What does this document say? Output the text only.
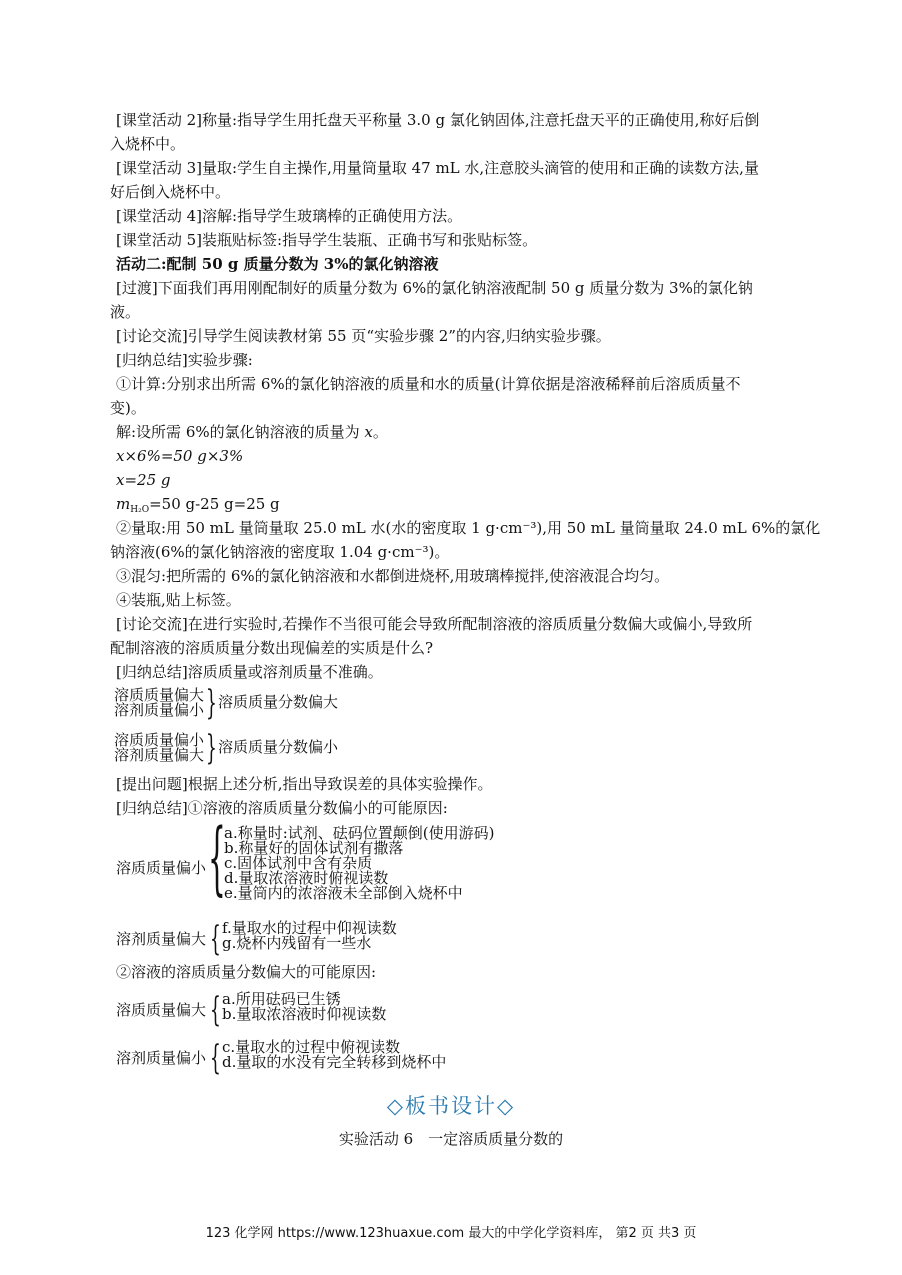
[课堂活动 2]称量:指导学生用托盘天平称量 3.0 g 氯化钠固体,注意托盘天平的正确使用,称好后倒
入烧杯中。
[课堂活动 3]量取:学生自主操作,用量筒量取 47 mL 水,注意胶头滴管的使用和正确的读数方法,量
好后倒入烧杯中。
[课堂活动 4]溶解:指导学生玻璃棒的正确使用方法。
[课堂活动 5]装瓶贴标签:指导学生装瓶、正确书写和张贴标签。
活动二:配制 50 g 质量分数为 3%的氯化钠溶液
[过渡]下面我们再用刚配制好的质量分数为 6%的氯化钠溶液配制 50 g 质量分数为 3%的氯化钠
液。
[讨论交流]引导学生阅读教材第 55 页“实验步骤 2”的内容,归纳实验步骤。
[归纳总结]实验步骤:
①计算:分别求出所需 6%的氯化钠溶液的质量和水的质量(计算依据是溶液稀释前后溶质质量不
变)。
解:设所需 6%的氯化钠溶液的质量为 x。
x×6%=50 g×3%
x=25 g
$m_{H_2O}=50$ g-25 g=25 g
②量取:用 50 mL 量筒量取 25.0 mL 水(水的密度取 1 g·cm⁻³),用 50 mL 量筒量取 24.0 mL 6%的氯化
钠溶液(6%的氯化钠溶液的密度取 1.04 g·cm⁻³)。
③混匀:把所需的 6%的氯化钠溶液和水都倒进烧杯,用玻璃棒搅拌,使溶液混合均匀。
④装瓶,贴上标签。
[讨论交流]在进行实验时,若操作不当很可能会导致所配制溶液的溶质质量分数偏大或偏小,导致所
配制溶液的溶质质量分数出现偏差的实质是什么?
[归纳总结]溶质质量或溶剂质量不准确。
溶质质量偏大
溶剂质量偏小 } 溶质质量分数偏大
溶质质量偏小
溶剂质量偏大 } 溶质质量分数偏小
[提出问题]根据上述分析,指出导致误差的具体实验操作。
[归纳总结]①溶液的溶质质量分数偏小的可能原因:
溶质质量偏小 {
a.称量时:试剂、砝码位置颠倒(使用游码)
b.称量好的固体试剂有撒落
c.固体试剂中含有杂质
d.量取浓溶液时俯视读数
e.量筒内的浓溶液未全部倒入烧杯中
溶剂质量偏大 { f.量取水的过程中仰视读数
g.烧杯内残留有一些水
②溶液的溶质质量分数偏大的可能原因:
溶质质量偏大 { a.所用砝码已生锈
b.量取浓溶液时仰视读数
溶剂质量偏小 { c.量取水的过程中俯视读数
d.量取的水没有完全转移到烧杯中
◇板书设计◇
实验活动 6　一定溶质质量分数的
123 化学网 https://www.123huaxue.com 最大的中学化学资料库， 第2 页 共3 页
